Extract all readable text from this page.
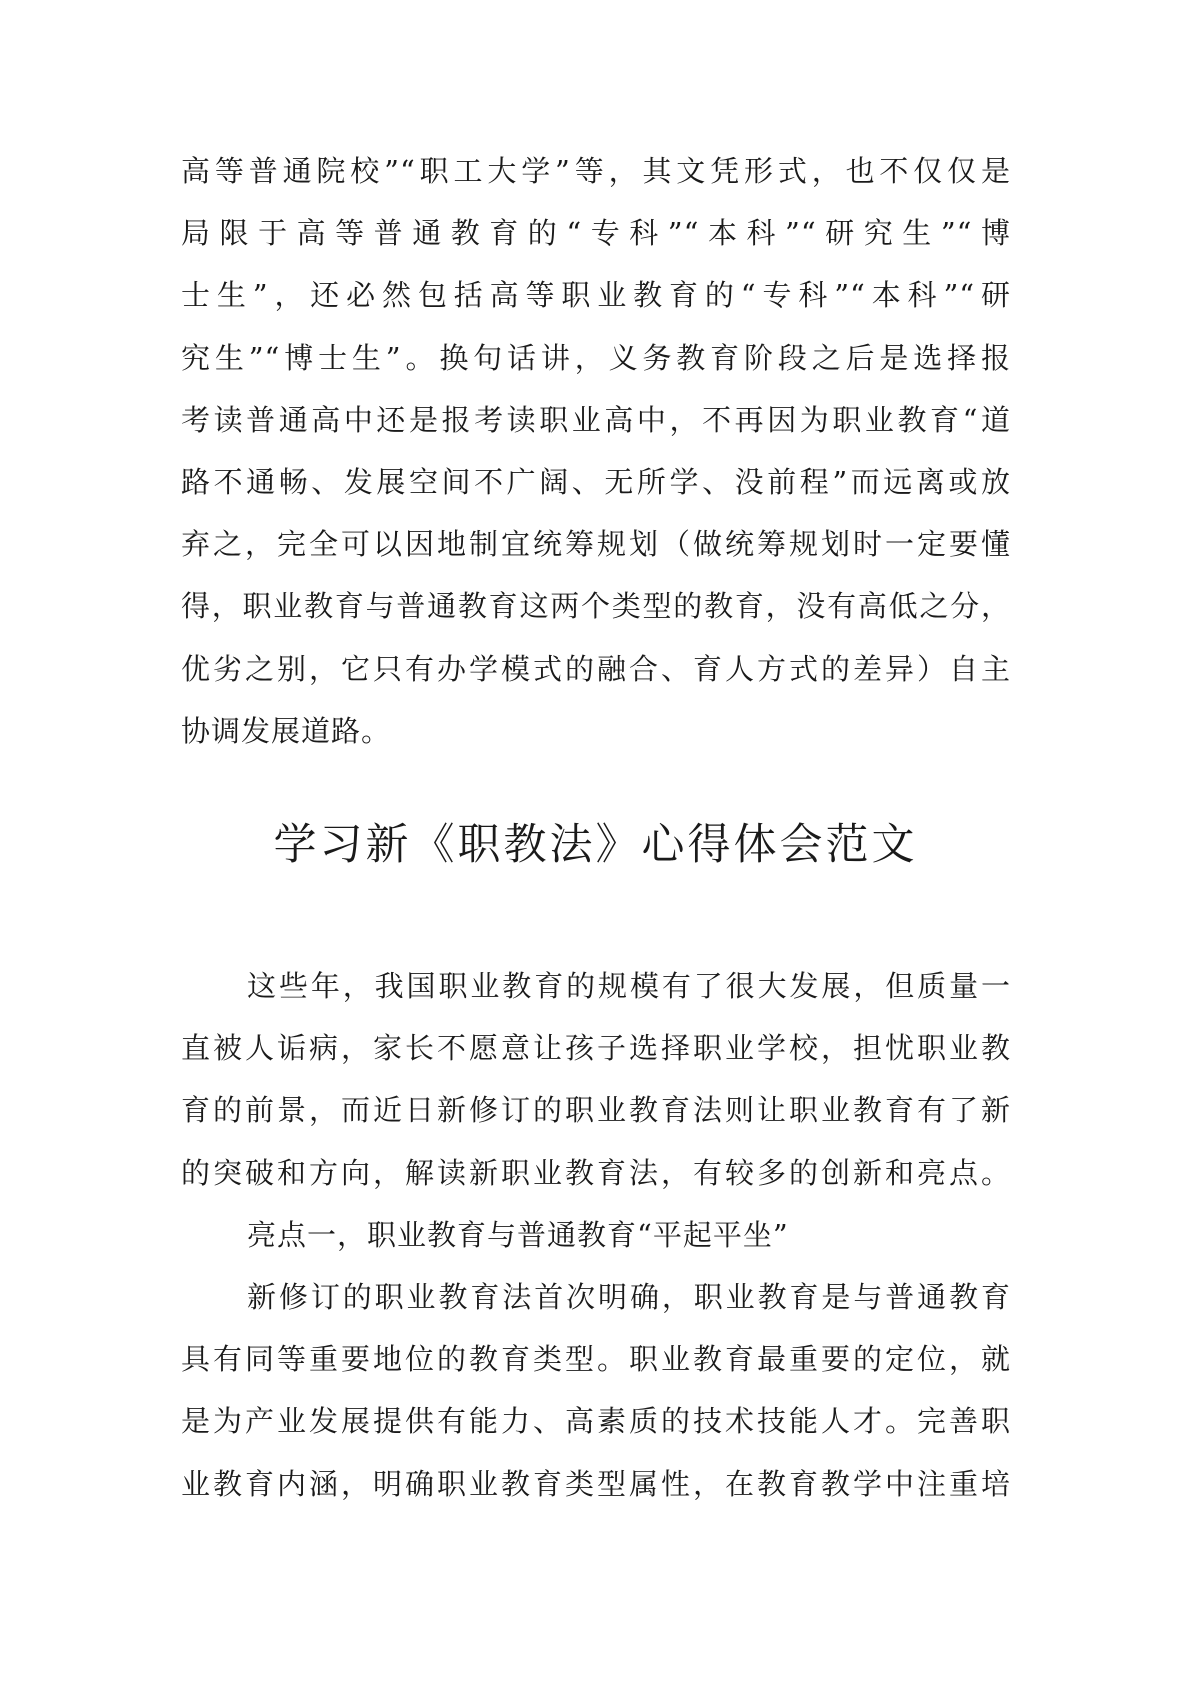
高等普通院校”“职工大学”等，其文凭形式，也不仅仅是
局限于高等普通教育的“专科”“本科”“研究生”“博
士生”，还必然包括高等职业教育的“专科”“本科”“研
究生”“博士生”。换句话讲，义务教育阶段之后是选择报
考读普通高中还是报考读职业高中，不再因为职业教育“道
路不通畅、发展空间不广阔、无所学、没前程”而远离或放
弃之，完全可以因地制宜统筹规划（做统筹规划时一定要懂
得，职业教育与普通教育这两个类型的教育，没有高低之分，
优劣之别，它只有办学模式的融合、育人方式的差异）自主
协调发展道路。
学习新《职教法》心得体会范文
这些年，我国职业教育的规模有了很大发展，但质量一
直被人诟病，家长不愿意让孩子选择职业学校，担忧职业教
育的前景，而近日新修订的职业教育法则让职业教育有了新
的突破和方向，解读新职业教育法，有较多的创新和亮点。
亮点一，职业教育与普通教育“平起平坐”
新修订的职业教育法首次明确，职业教育是与普通教育
具有同等重要地位的教育类型。职业教育最重要的定位，就
是为产业发展提供有能力、高素质的技术技能人才。完善职
业教育内涵，明确职业教育类型属性，在教育教学中注重培
